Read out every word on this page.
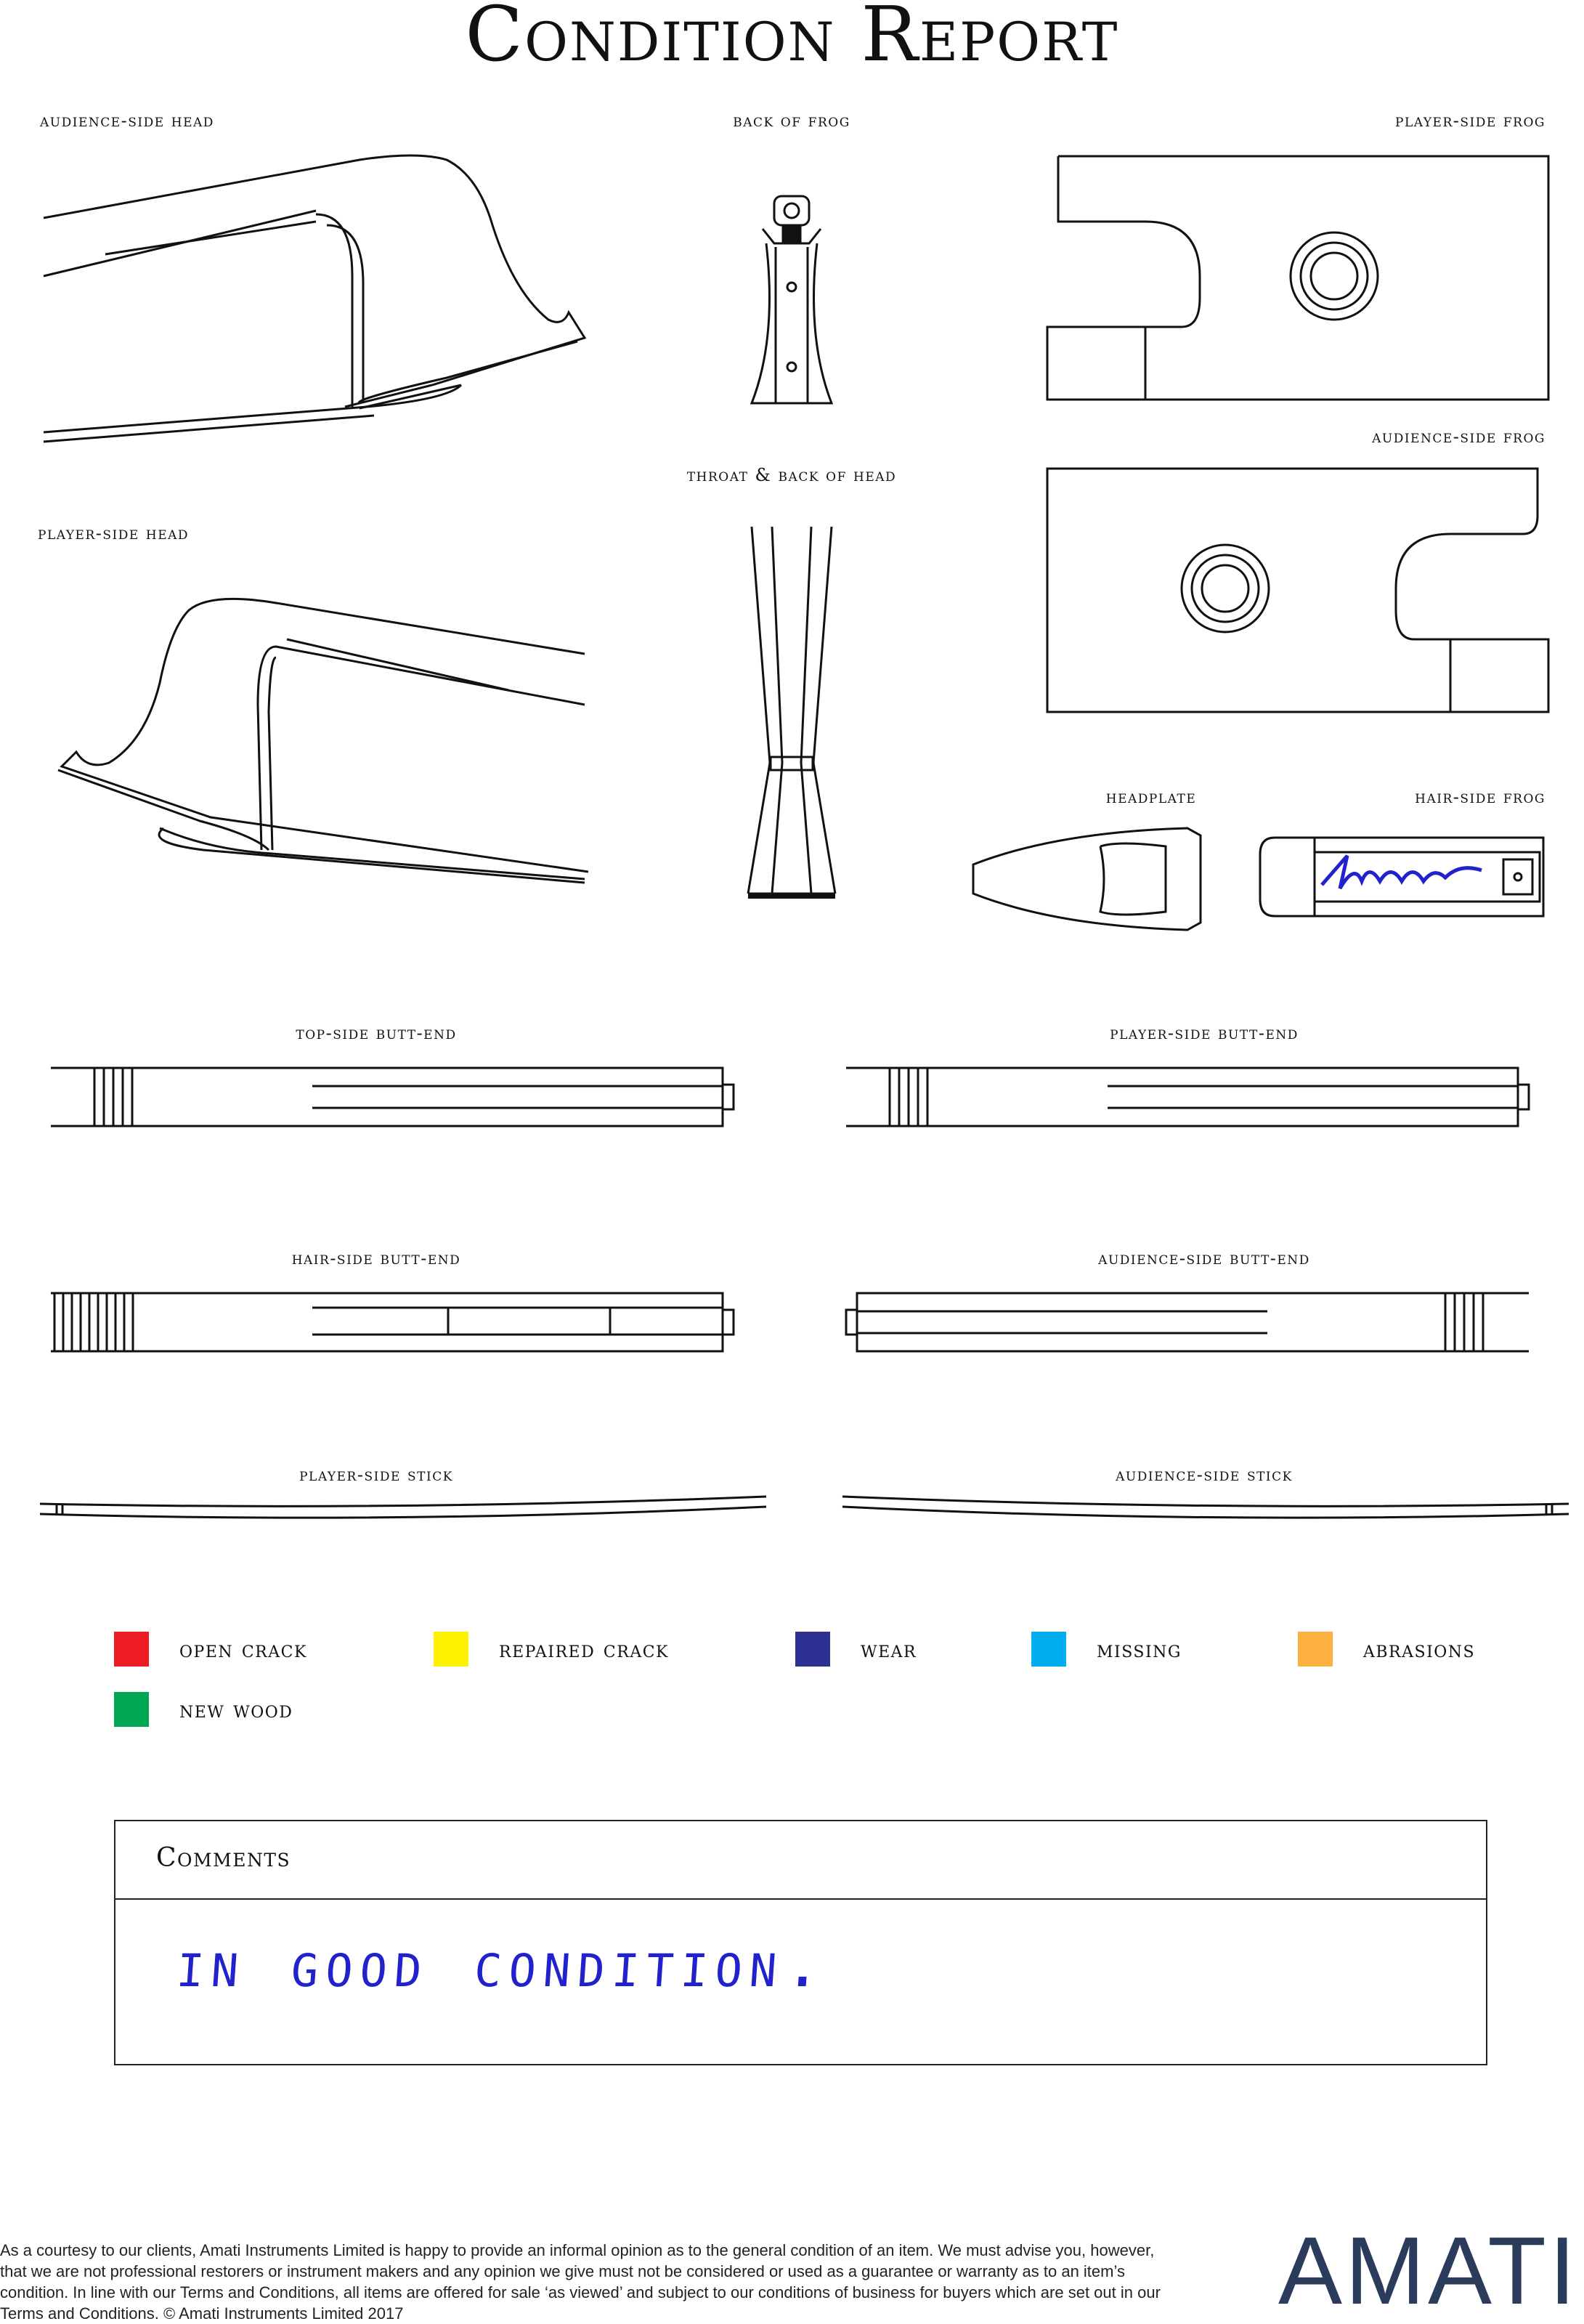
Condition Report
audience-side head	back of frog	player-side frog
audience-side frog
throat & back of head
player-side head
headplate	hair-side frog
top-side butt-end	player-side butt-end
hair-side butt-end	audience-side butt-end
player-side stick	audience-side stick
open crack	repaired crack	wear	missing	abrasions
new wood
Comments
in good condition.
As a courtesy to our clients, Amati Instruments Limited is happy to provide an informal opinion as to the general condition of an item. We must advise you, however, that we are not professional restorers or instrument makers and any opinion we give must not be considered or used as a guarantee or warranty as to an item’s condition. In line with our Terms and Conditions, all items are offered for sale ‘as viewed’ and subject to our conditions of business for buyers which are set out in our Terms and Conditions. © Amati Instruments Limited 2017	AMATI
